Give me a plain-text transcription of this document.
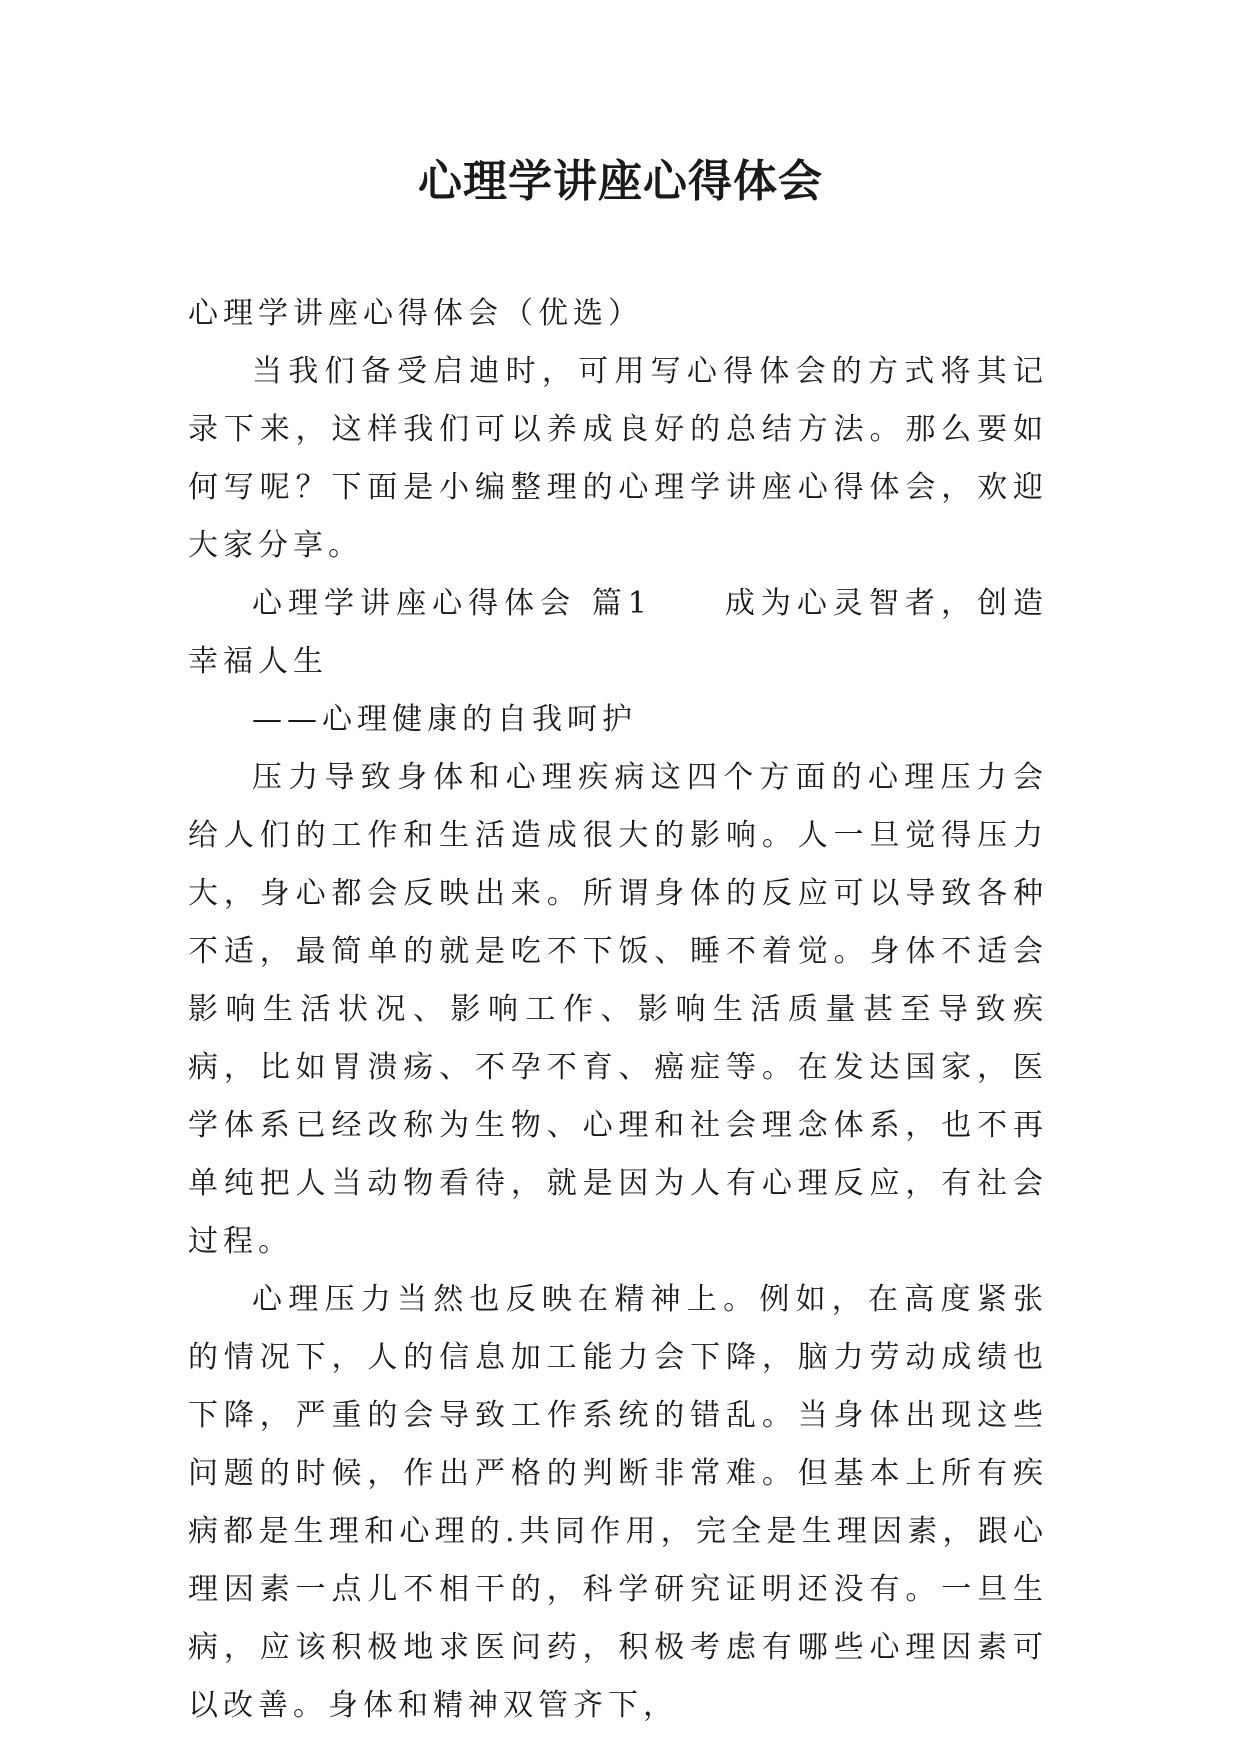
心理学讲座心得体会

心理学讲座心得体会（优选）

当我们备受启迪时，可用写心得体会的方式将其记录下来，这样我们可以养成良好的总结方法。那么要如何写呢？下面是小编整理的心理学讲座心得体会，欢迎大家分享。

心理学讲座心得体会 篇1　　成为心灵智者，创造幸福人生

——心理健康的自我呵护

压力导致身体和心理疾病这四个方面的心理压力会给人们的工作和生活造成很大的影响。人一旦觉得压力大，身心都会反映出来。所谓身体的反应可以导致各种不适，最简单的就是吃不下饭、睡不着觉。身体不适会影响生活状况、影响工作、影响生活质量甚至导致疾病，比如胃溃疡、不孕不育、癌症等。在发达国家，医学体系已经改称为生物、心理和社会理念体系，也不再单纯把人当动物看待，就是因为人有心理反应，有社会过程。

心理压力当然也反映在精神上。例如，在高度紧张的情况下，人的信息加工能力会下降，脑力劳动成绩也下降，严重的会导致工作系统的错乱。当身体出现这些问题的时候，作出严格的判断非常难。但基本上所有疾病都是生理和心理的.共同作用，完全是生理因素，跟心理因素一点儿不相干的，科学研究证明还没有。一旦生病，应该积极地求医问药，积极考虑有哪些心理因素可以改善。身体和精神双管齐下，
